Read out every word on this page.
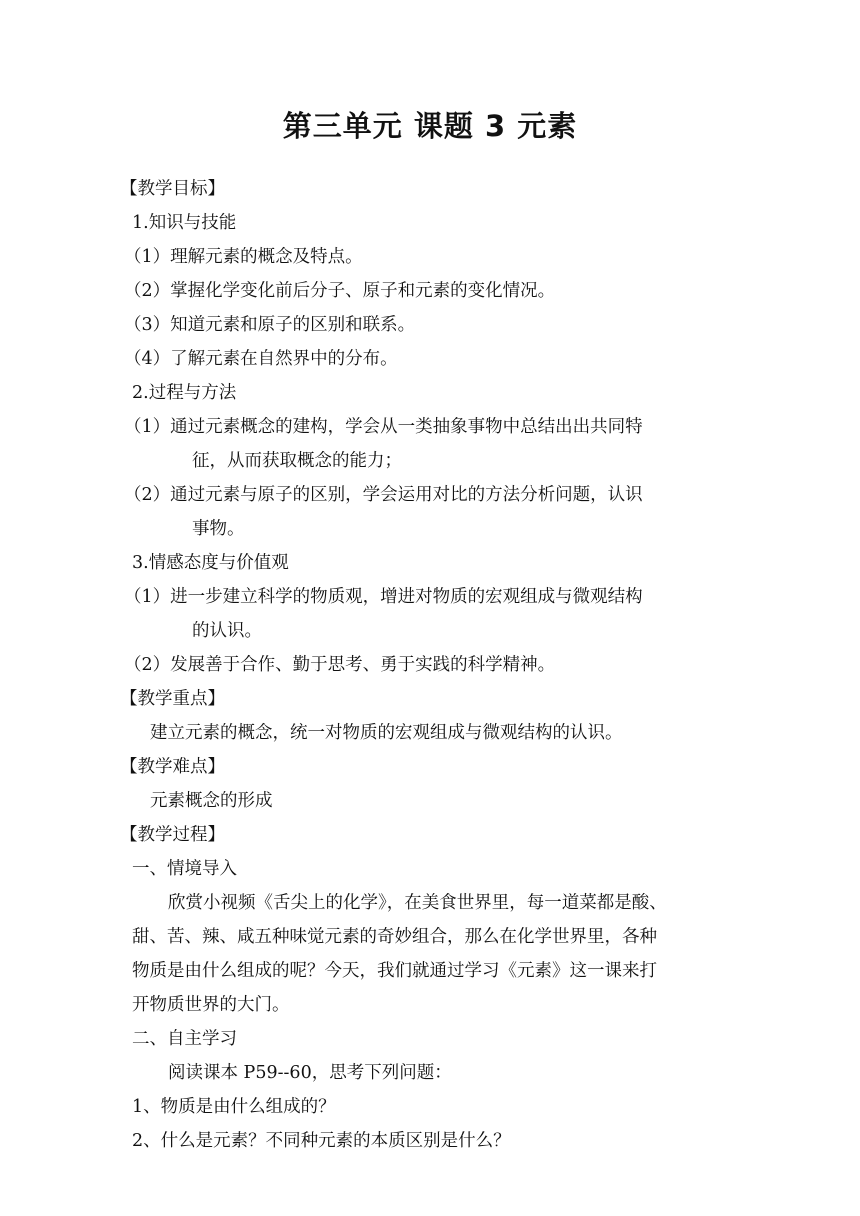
第三单元 课题 3 元素
【教学目标】
1.知识与技能
（1）理解元素的概念及特点。
（2）掌握化学变化前后分子、原子和元素的变化情况。
（3）知道元素和原子的区别和联系。
（4）了解元素在自然界中的分布。
2.过程与方法
（1）通过元素概念的建构，学会从一类抽象事物中总结出出共同特
征，从而获取概念的能力；
（2）通过元素与原子的区别，学会运用对比的方法分析问题，认识
事物。
3.情感态度与价值观
（1）进一步建立科学的物质观，增进对物质的宏观组成与微观结构
的认识。
（2）发展善于合作、勤于思考、勇于实践的科学精神。
【教学重点】
建立元素的概念，统一对物质的宏观组成与微观结构的认识。
【教学难点】
元素概念的形成
【教学过程】
一、情境导入
欣赏小视频《舌尖上的化学》，在美食世界里，每一道菜都是酸、
甜、苦、辣、咸五种味觉元素的奇妙组合，那么在化学世界里，各种
物质是由什么组成的呢？今天，我们就通过学习《元素》这一课来打
开物质世界的大门。
二、自主学习
阅读课本 P59--60，思考下列问题：
1、物质是由什么组成的？
2、什么是元素？不同种元素的本质区别是什么？
